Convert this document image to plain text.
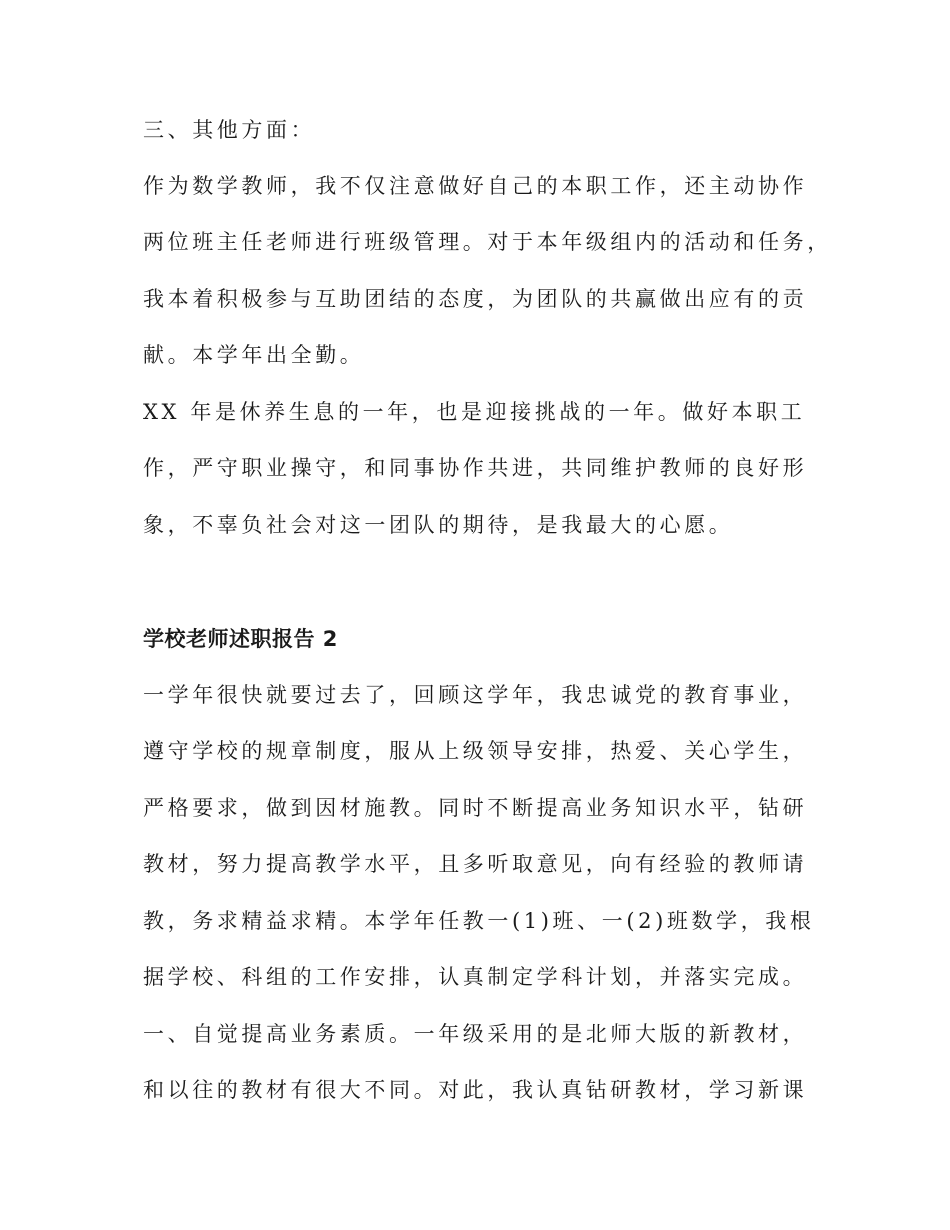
三、其他方面：
作为数学教师，我不仅注意做好自己的本职工作，还主动协作
两位班主任老师进行班级管理。对于本年级组内的活动和任务，
我本着积极参与互助团结的态度，为团队的共赢做出应有的贡
献。本学年出全勤。
XX 年是休养生息的一年，也是迎接挑战的一年。做好本职工
作，严守职业操守，和同事协作共进，共同维护教师的良好形
象，不辜负社会对这一团队的期待，是我最大的心愿。
学校老师述职报告 2
一学年很快就要过去了，回顾这学年，我忠诚党的教育事业，
遵守学校的规章制度，服从上级领导安排，热爱、关心学生，
严格要求，做到因材施教。同时不断提高业务知识水平，钻研
教材，努力提高教学水平，且多听取意见，向有经验的教师请
教，务求精益求精。本学年任教一(1)班、一(2)班数学，我根
据学校、科组的工作安排，认真制定学科计划，并落实完成。
一、自觉提高业务素质。一年级采用的是北师大版的新教材，
和以往的教材有很大不同。对此，我认真钻研教材，学习新课
